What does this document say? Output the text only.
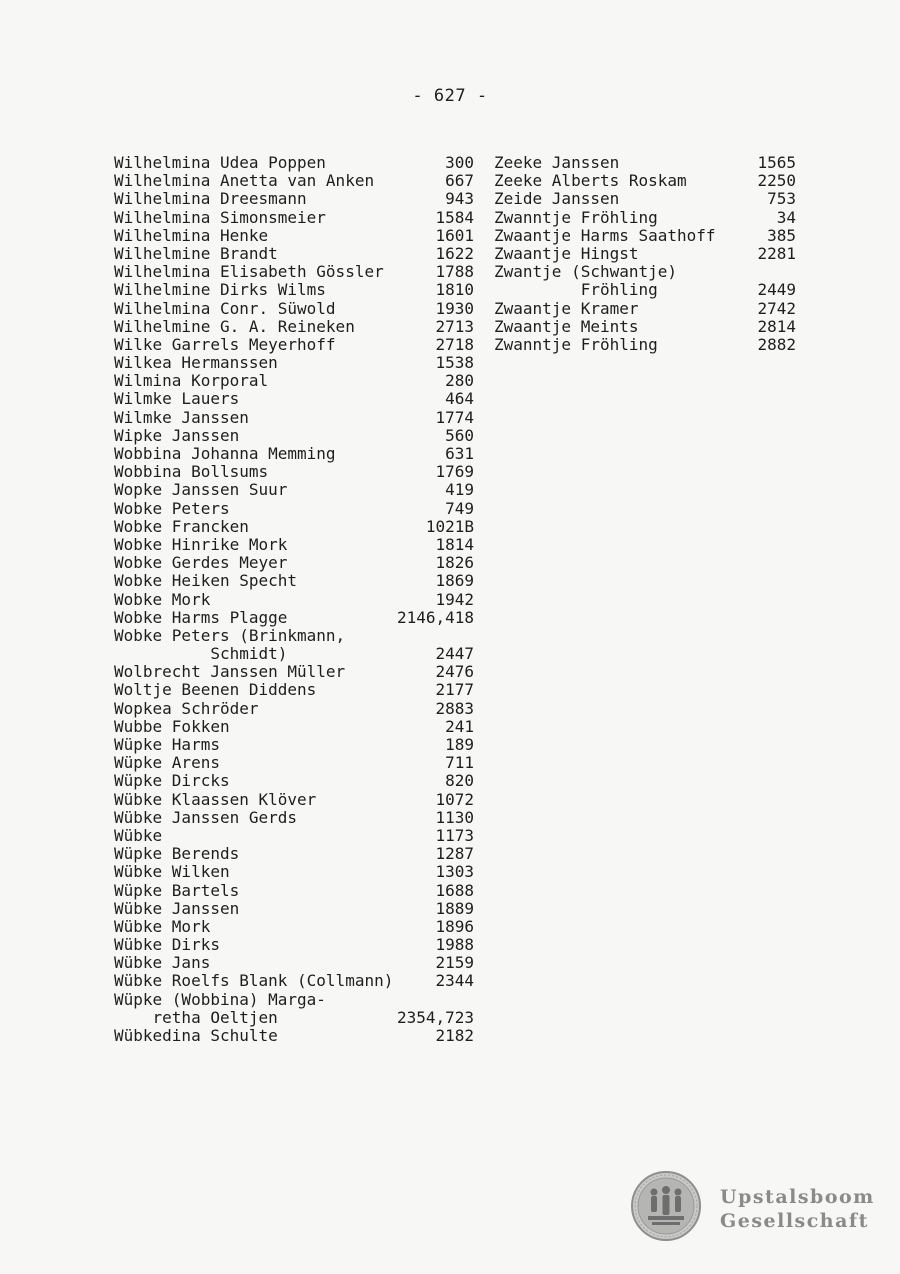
- 627 -
Wilhelmina Udea Poppen	300
Wilhelmina Anetta van Anken	667
Wilhelmina Dreesmann	943
Wilhelmina Simonsmeier	1584
Wilhelmina Henke	1601
Wilhelmine Brandt	1622
Wilhelmina Elisabeth Gössler	1788
Wilhelmine Dirks Wilms	1810
Wilhelmina Conr. Süwold	1930
Wilhelmine G. A. Reineken	2713
Wilke Garrels Meyerhoff	2718
Wilkea Hermanssen	1538
Wilmina Korporal	280
Wilmke Lauers	464
Wilmke Janssen	1774
Wipke Janssen	560
Wobbina Johanna Memming	631
Wobbina Bollsums	1769
Wopke Janssen Suur	419
Wobke Peters	749
Wobke Francken	1021B
Wobke Hinrike Mork	1814
Wobke Gerdes Meyer	1826
Wobke Heiken Specht	1869
Wobke Mork	1942
Wobke Harms Plagge	2146,418
Wobke Peters (Brinkmann,
Schmidt)	2447
Wolbrecht Janssen Müller	2476
Woltje Beenen Diddens	2177
Wopkea Schröder	2883
Wubbe Fokken	241
Wüpke Harms	189
Wüpke Arens	711
Wüpke Dircks	820
Wübke Klaassen Klöver	1072
Wübke Janssen Gerds	1130
Wübke	1173
Wüpke Berends	1287
Wübke Wilken	1303
Wüpke Bartels	1688
Wübke Janssen	1889
Wübke Mork	1896
Wübke Dirks	1988
Wübke Jans	2159
Wübke Roelfs Blank (Collmann)	2344
Wüpke (Wobbina) Marga-
retha Oeltjen	2354,723
Wübkedina Schulte	2182
Zeeke Janssen	1565
Zeeke Alberts Roskam	2250
Zeide Janssen	753
Zwanntje Fröhling	34
Zwaantje Harms Saathoff	385
Zwaantje Hingst	2281
Zwantje (Schwantje)
Fröhling	2449
Zwaantje Kramer	2742
Zwaantje Meints	2814
Zwanntje Fröhling	2882
Upstalsboom
Gesellschaft
